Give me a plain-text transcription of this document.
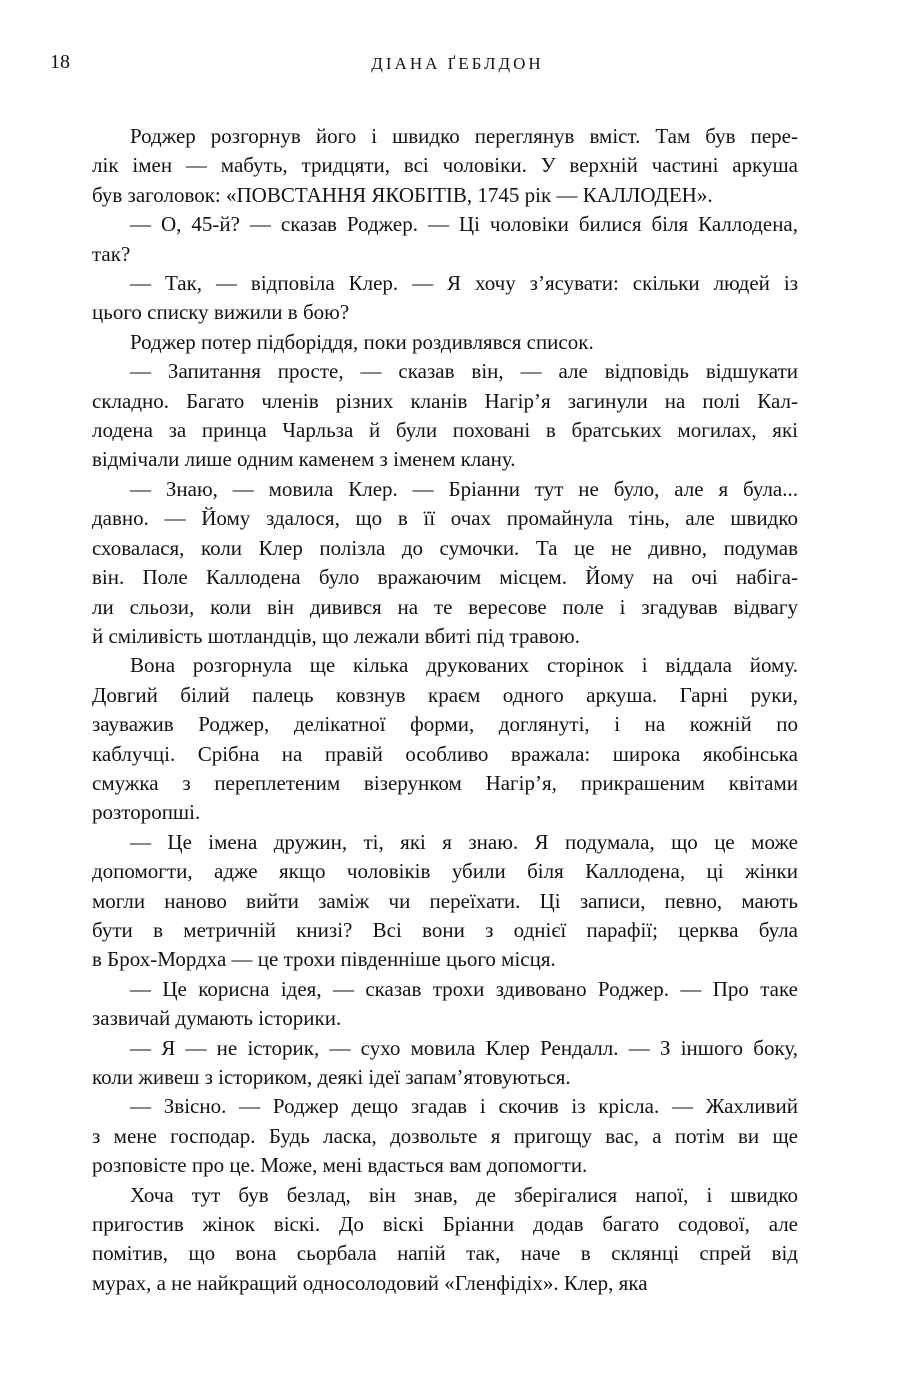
18	ДІАНА ҐЕБЛДОН
Роджер розгорнув його і швидко переглянув вміст. Там був пере-
лік імен — мабуть, тридцяти, всі чоловіки. У верхній частині аркуша
був заголовок: «ПОВСТАННЯ ЯКОБІТІВ, 1745 рік — КАЛЛОДЕН».
— О, 45-й? — сказав Роджер. — Ці чоловіки билися біля Каллодена,
так?
— Так, — відповіла Клер. — Я хочу з’ясувати: скільки людей із
цього списку вижили в бою?
Роджер потер підборіддя, поки роздивлявся список.
— Запитання просте, — сказав він, — але відповідь відшукати
складно. Багато членів різних кланів Нагір’я загинули на полі Кал-
лодена за принца Чарльза й були поховані в братських могилах, які
відмічали лише одним каменем з іменем клану.
— Знаю, — мовила Клер. — Бріанни тут не було, але я була...
давно. — Йому здалося, що в її очах промайнула тінь, але швидко
сховалася, коли Клер полізла до сумочки. Та це не дивно, подумав
він. Поле Каллодена було вражаючим місцем. Йому на очі набіга-
ли сльози, коли він дивився на те вересове поле і згадував відвагу
й сміливість шотландців, що лежали вбиті під травою.
Вона розгорнула ще кілька друкованих сторінок і віддала йому.
Довгий білий палець ковзнув краєм одного аркуша. Гарні руки,
зауважив Роджер, делікатної форми, доглянуті, і на кожній по
каблучці. Срібна на правій особливо вражала: широка якобінська
смужка з переплетеним візерунком Нагір’я, прикрашеним квітами
розторопші.
— Це імена дружин, ті, які я знаю. Я подумала, що це може
допомогти, адже якщо чоловіків убили біля Каллодена, ці жінки
могли наново вийти заміж чи переїхати. Ці записи, певно, мають
бути в метричній книзі? Всі вони з однієї парафії; церква була
в Брох-Мордха — це трохи південніше цього місця.
— Це корисна ідея, — сказав трохи здивовано Роджер. — Про таке
зазвичай думають історики.
— Я — не історик, — сухо мовила Клер Рендалл. — З іншого боку,
коли живеш з істориком, деякі ідеї запам’ятовуються.
— Звісно. — Роджер дещо згадав і скочив із крісла. — Жахливий
з мене господар. Будь ласка, дозвольте я пригощу вас, а потім ви ще
розповісте про це. Може, мені вдасться вам допомогти.
Хоча тут був безлад, він знав, де зберігалися напої, і швидко
пригостив жінок віскі. До віскі Бріанни додав багато содової, але
помітив, що вона сьорбала напій так, наче в склянці спрей від
мурах, а не найкращий односолодовий «Гленфідіх». Клер, яка
